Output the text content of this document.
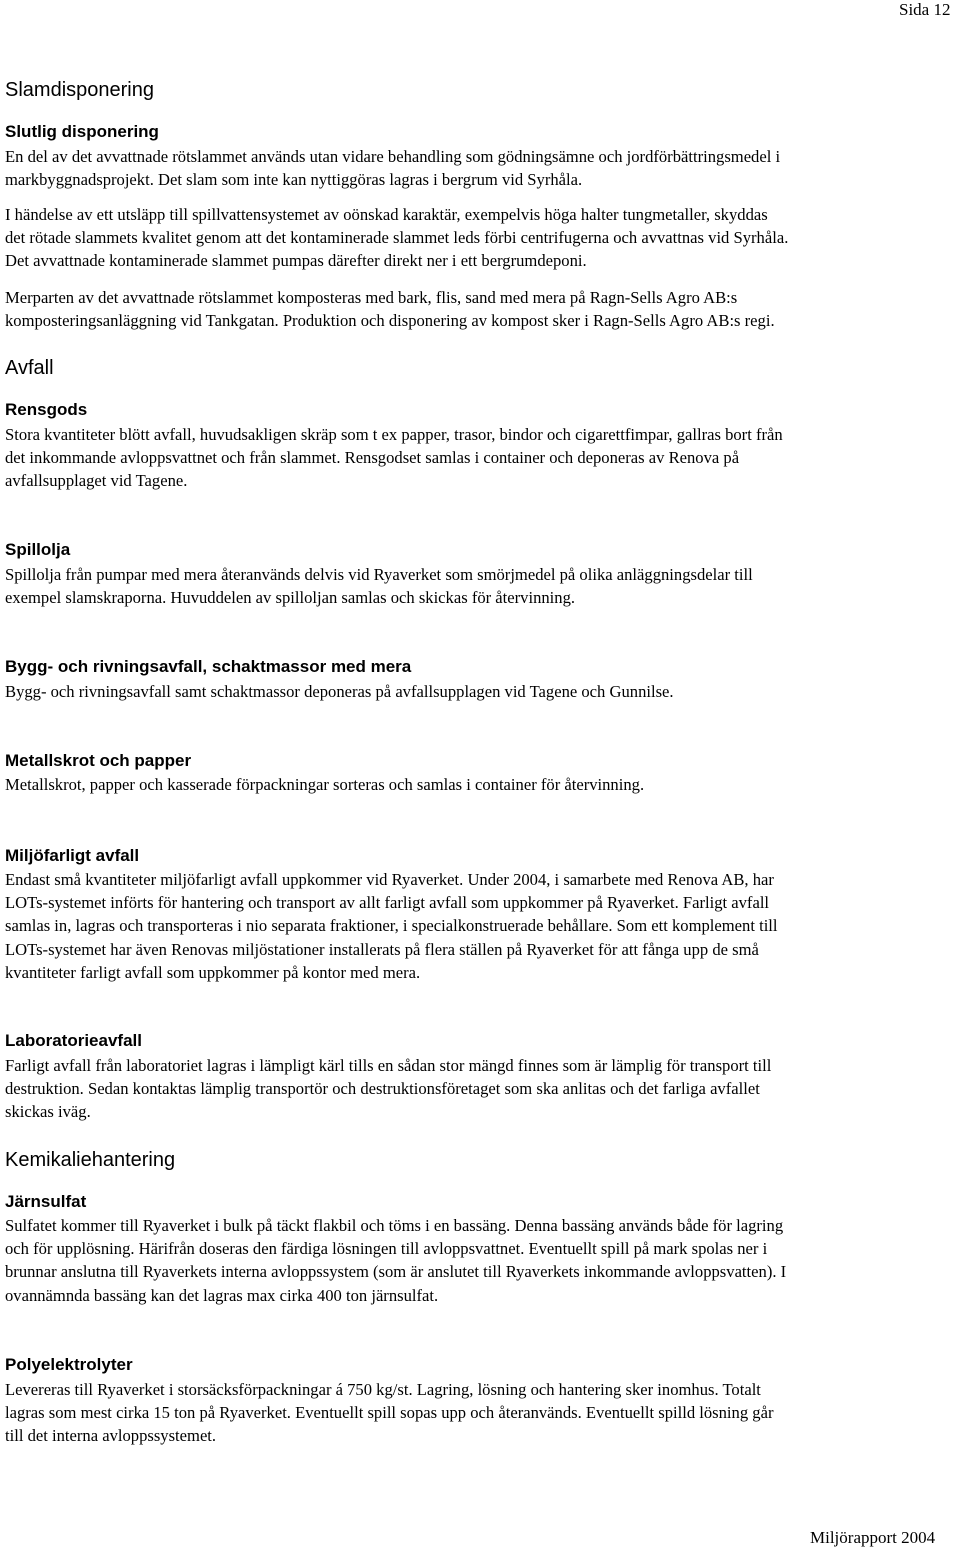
Sida 12
Slamdisponering
Slutlig disponering
En del av det avvattnade rötslammet används utan vidare behandling som gödningsämne och jordförbättringsmedel i
markbyggnadsprojekt. Det slam som inte kan nyttiggöras lagras i bergrum vid Syrhåla.
I händelse av ett utsläpp till spillvattensystemet av oönskad karaktär, exempelvis höga halter tungmetaller, skyddas
det rötade slammets kvalitet genom att det kontaminerade slammet leds förbi centrifugerna och avvattnas vid Syrhåla.
Det avvattnade kontaminerade slammet pumpas därefter direkt ner i ett bergrumdeponi.
Merparten av det avvattnade rötslammet komposteras med bark, flis, sand med mera på Ragn-Sells Agro AB:s
komposteringsanläggning vid Tankgatan. Produktion och disponering av kompost sker i Ragn-Sells Agro AB:s regi.
Avfall
Rensgods
Stora kvantiteter blött avfall, huvudsakligen skräp som t ex papper, trasor, bindor och cigarettfimpar, gallras bort från
det inkommande avloppsvattnet och från slammet. Rensgodset samlas i container och deponeras av Renova på
avfallsupplaget vid Tagene.
Spillolja
Spillolja från pumpar med mera återanvänds delvis vid Ryaverket som smörjmedel på olika anläggningsdelar till
exempel slamskraporna. Huvuddelen av spilloljan samlas och skickas för återvinning.
Bygg- och rivningsavfall, schaktmassor med mera
Bygg- och rivningsavfall samt schaktmassor deponeras på avfallsupplagen vid Tagene och Gunnilse.
Metallskrot och papper
Metallskrot, papper och kasserade förpackningar sorteras och samlas i container för återvinning.
Miljöfarligt avfall
Endast små kvantiteter miljöfarligt avfall uppkommer vid Ryaverket. Under 2004, i samarbete med Renova AB, har
LOTs-systemet införts för hantering och transport av allt farligt avfall som uppkommer på Ryaverket. Farligt avfall
samlas in, lagras och transporteras i nio separata fraktioner, i specialkonstruerade behållare. Som ett komplement till
LOTs-systemet har även Renovas miljöstationer installerats på flera ställen på Ryaverket för att fånga upp de små
kvantiteter farligt avfall som uppkommer på kontor med mera.
Laboratorieavfall
Farligt avfall från laboratoriet lagras i lämpligt kärl tills en sådan stor mängd finnes som är lämplig för transport till
destruktion. Sedan kontaktas lämplig transportör och destruktionsföretaget som ska anlitas och det farliga avfallet
skickas iväg.
Kemikaliehantering
Järnsulfat
Sulfatet kommer till Ryaverket i bulk på täckt flakbil och töms i en bassäng. Denna bassäng används både för lagring
och för upplösning. Härifrån doseras den färdiga lösningen till avloppsvattnet. Eventuellt spill på mark spolas ner i
brunnar anslutna till Ryaverkets interna avloppssystem (som är anslutet till Ryaverkets inkommande avloppsvatten). I
ovannämnda bassäng kan det lagras max cirka 400 ton järnsulfat.
Polyelektrolyter
Levereras till Ryaverket i storsäcksförpackningar á 750 kg/st. Lagring, lösning och hantering sker inomhus. Totalt
lagras som mest cirka 15 ton på Ryaverket. Eventuellt spill sopas upp och återanvänds. Eventuellt spilld lösning går
till det interna avloppssystemet.
Miljörapport 2004
